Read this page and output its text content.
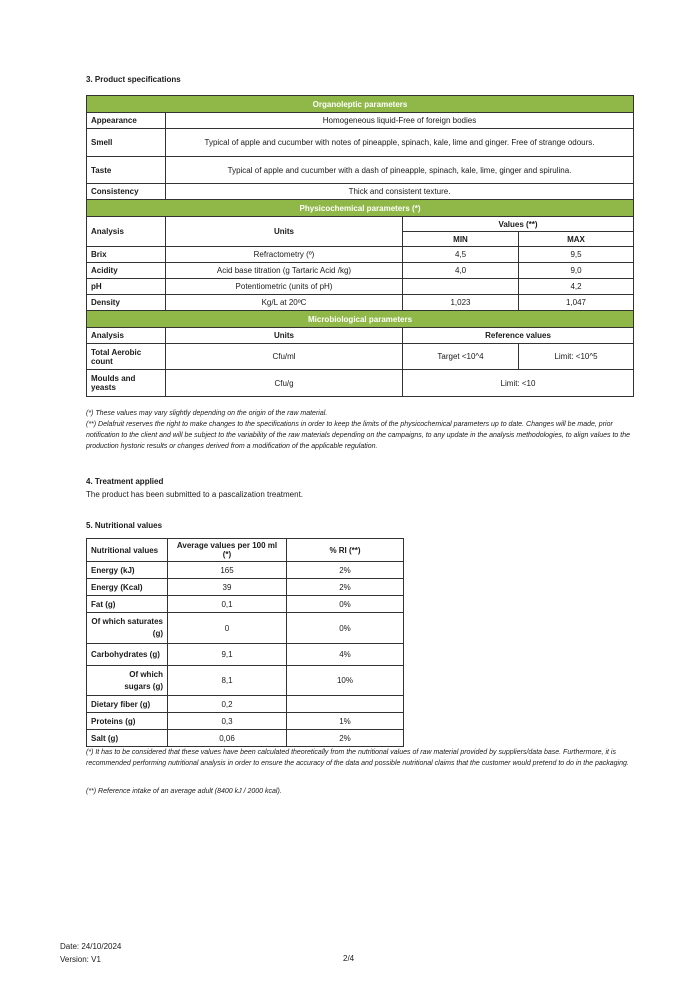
3. Product specifications
Organoleptic parameters			
Appearance	Homogeneous liquid-Free of foreign bodies		
Smell	Typical of apple and cucumber with notes of pineapple, spinach, kale, lime and ginger. Free of strange odours.		
Taste	Typical of apple and cucumber with a dash of pineapple, spinach, kale, lime, ginger and spirulina.		
Consistency	Thick and consistent texture.		
Physicochemical parameters (*)			
Analysis	Units	Values (**)	
		MIN	MAX
Brix	Refractometry (º)	4,5	9,5
Acidity	Acid base titration (g Tartaric Acid /kg)	4,0	9,0
pH	Potentiometric (units of pH)		4,2
Density	Kg/L at 20ºC	1,023	1,047
Microbiological parameters			
Analysis	Units	Reference values	
Total Aerobic count	Cfu/ml	Target <10^4	Limit: <10^5
Moulds and yeasts	Cfu/g	Limit: <10	
(*) These values may vary slightly depending on the origin of the raw material.
(**) Delafruit reserves the right to make changes to the specifications in order to keep the limits of the physicochemical parameters up to date. Changes will be made, prior notification to the client and will be subject to the variability of the raw materials depending on the campaigns, to any update in the analysis methodologies, to align values to the production hystoric results or changes derived from a modification of the applicable regulation.
4. Treatment applied
The product has been submitted to a pascalization treatment.
5. Nutritional values
Nutritional values	Average values per 100 ml (*)	% RI (**)
Energy (kJ)	165	2%
Energy (Kcal)	39	2%
Fat (g)	0,1	0%
Of which saturates
(g)	0	0%
Carbohydrates (g)	9,1	4%
Of which
sugars (g)	8,1	10%
Dietary fiber (g)	0,2	
Proteins (g)	0,3	1%
Salt (g)	0,06	2%
(*) It has to be considered that these values have been calculated theoretically from the nutritional values of raw material provided by suppliers/data base. Furthermore, it is recommended performing nutritional analysis in order to ensure the accuracy of the data and possible nutritional claims that the customer would pretend to do in the packaging.
(**) Reference intake of an average adult (8400 kJ / 2000 kcal).
Date: 24/10/2024
Version: V1	2/4
